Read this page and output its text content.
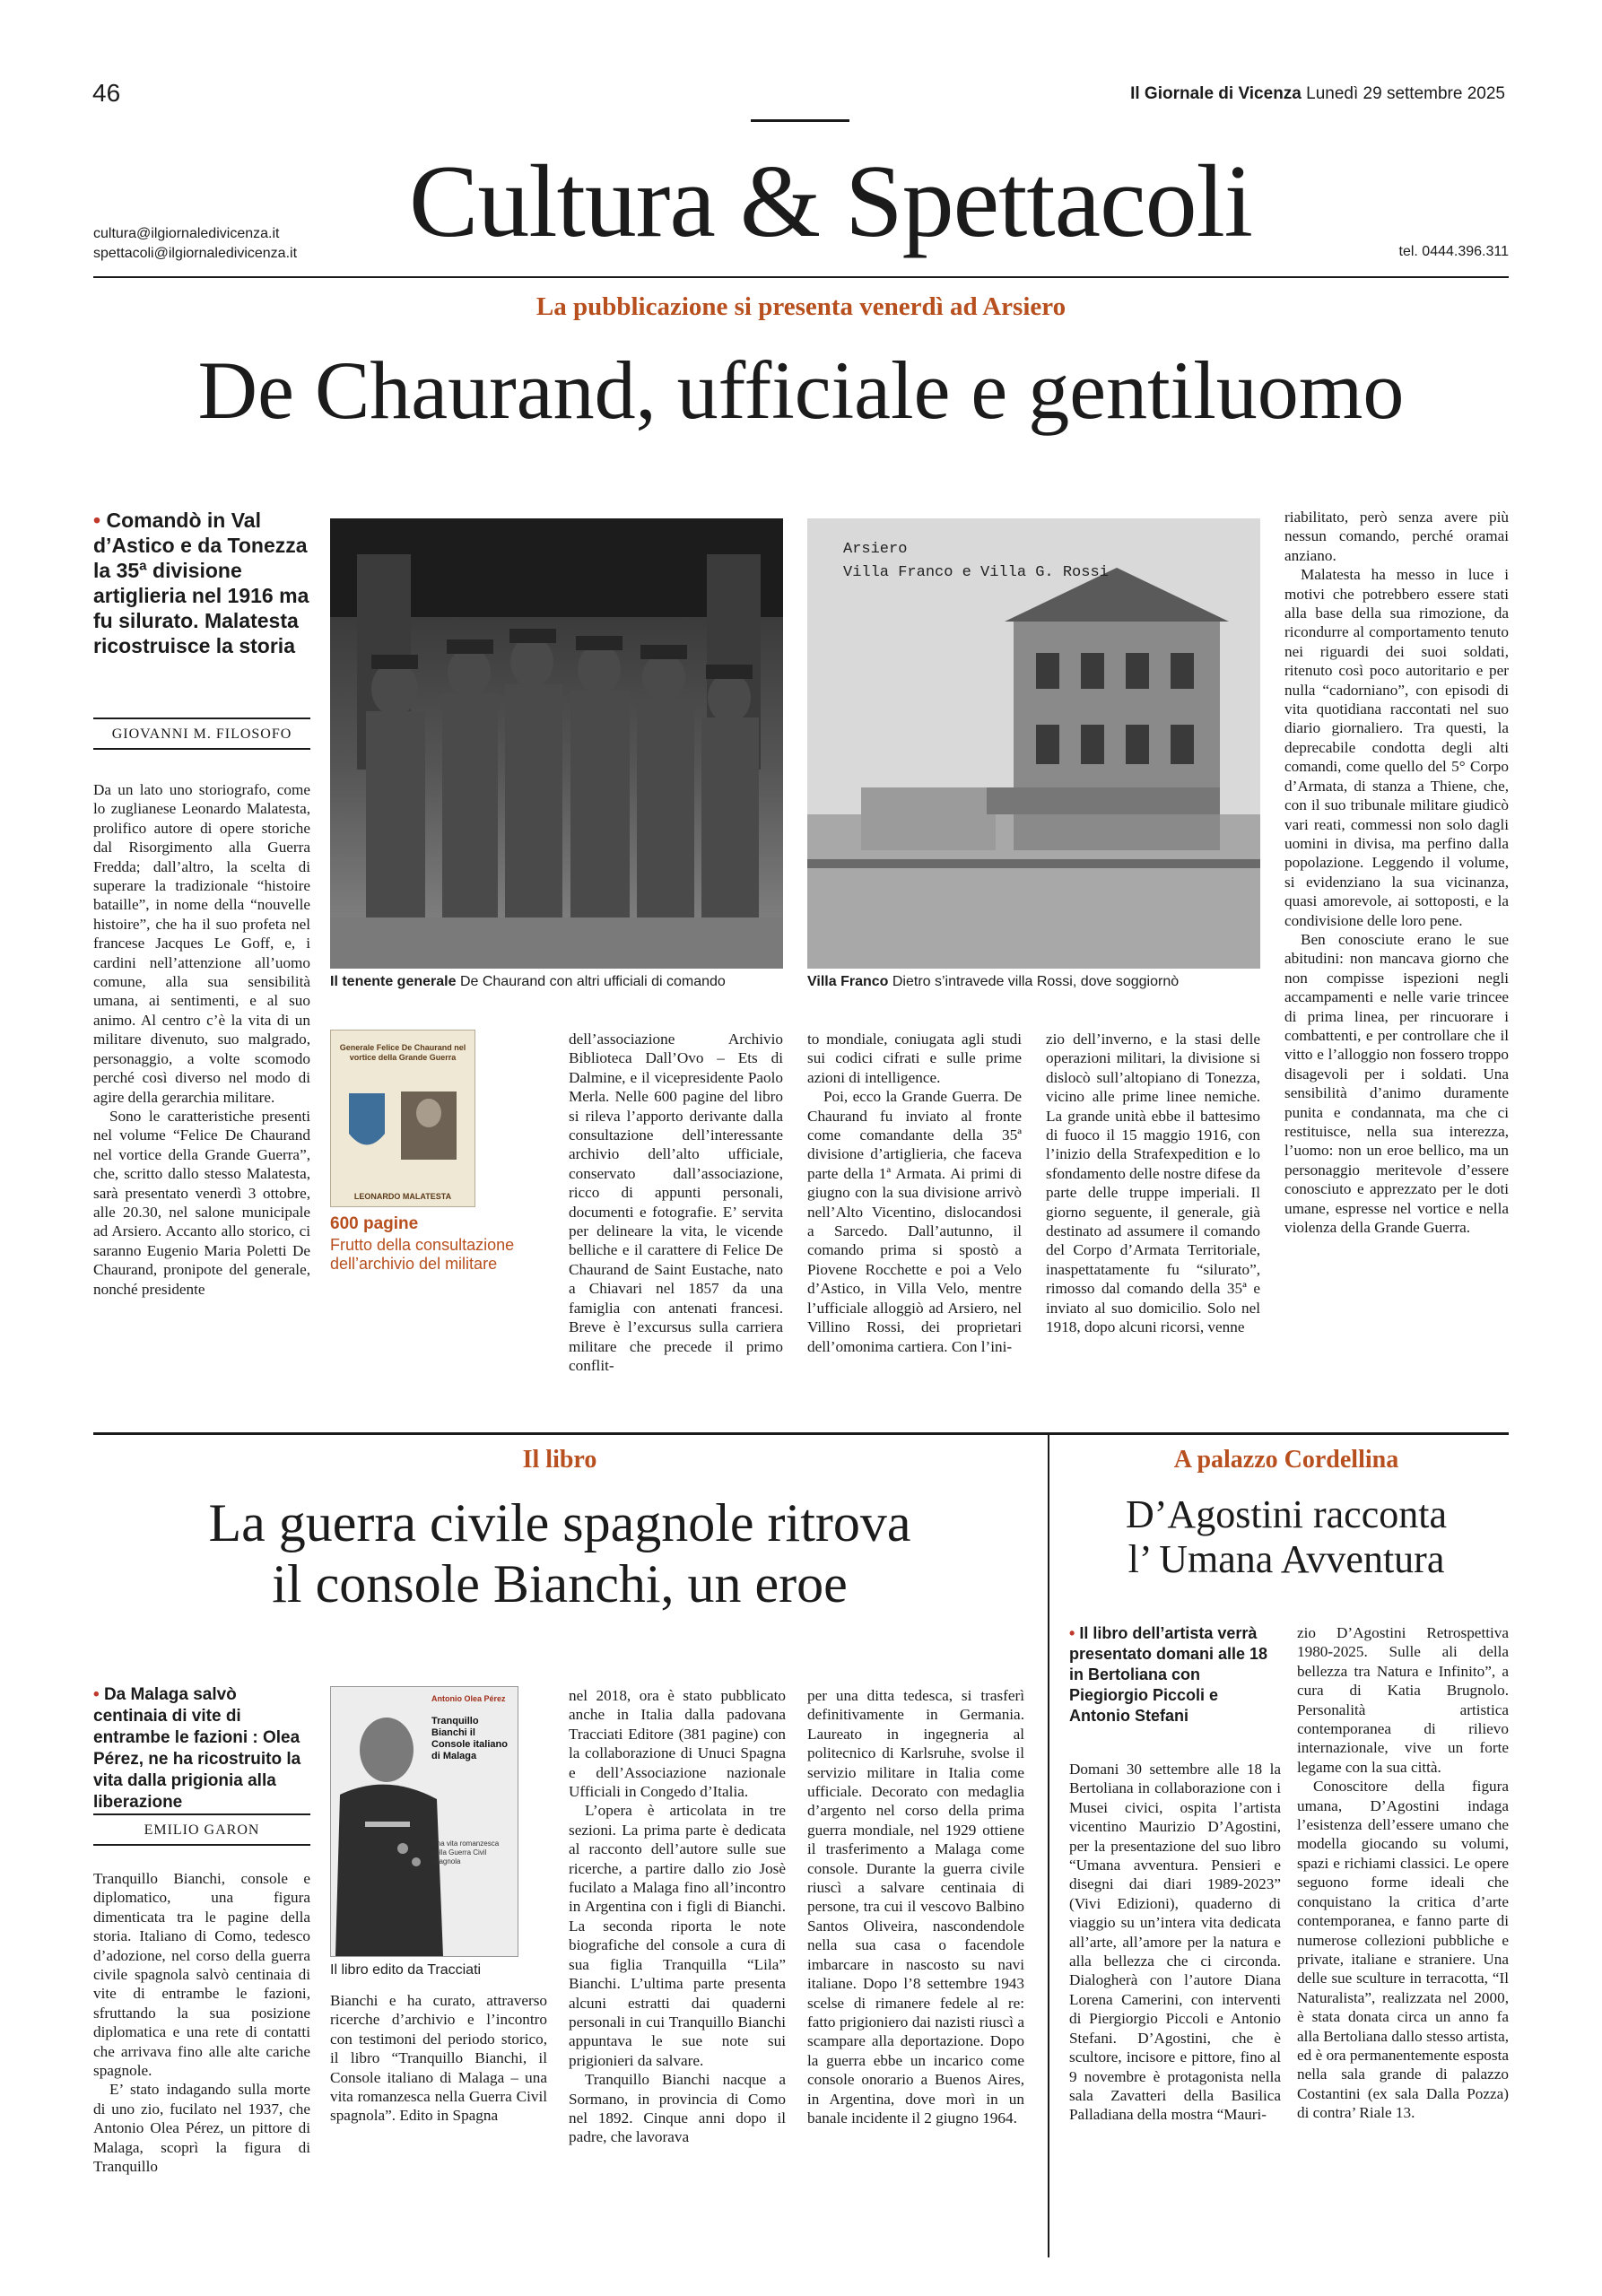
46	Il Giornale di Vicenza Lunedì 29 settembre 2025
cultura@ilgiornaledivicenza.it
spettacoli@ilgiornaledivicenza.it	Cultura & Spettacoli	tel. 0444.396.311
La pubblicazione si presenta venerdì ad Arsiero
De Chaurand, ufficiale e gentiluomo
• Comandò in Val d’Astico e da Tonezza la 35ª divisione artiglieria nel 1916 ma fu silurato. Malatesta ricostruisce la storia
GIOVANNI M. FILOSOFO

Da un lato uno storiografo, come lo zuglianese Leonardo Malatesta, prolifico autore di opere storiche dal Risorgimento alla Guerra Fredda; dall’altro, la scelta di superare la tradizionale “histoire bataille”, in nome della “nouvelle histoire”, che ha il suo profeta nel francese Jacques Le Goff, e, i cardini nell’attenzione all’uomo comune, alla sua sensibilità umana, ai sentimenti, e al suo animo. Al centro c’è la vita di un militare divenuto, suo malgrado, personaggio, a volte scomodo perché così diverso nel modo di agire della gerarchia militare.

Sono le caratteristiche presenti nel volume “Felice De Chaurand nel vortice della Grande Guerra”, che, scritto dallo stesso Malatesta, sarà presentato venerdì 3 ottobre, alle 20.30, nel salone municipale ad Arsiero. Accanto allo storico, ci saranno Eugenio Maria Poletti De Chaurand, pronipote del generale, nonché presidente

Il tenente generale De Chaurand con altri ufficiali di comando
Arsiero
Villa Franco e Villa G. Rossi
Villa Franco Dietro s’intravede villa Rossi, dove soggiornò
Generale Felice De Chaurand nel vortice della Grande Guerra
LEONARDO MALATESTA
600 pagine
Frutto della consultazione dell’archivio del militare

dell’associazione Archivio Biblioteca Dall’Ovo – Ets di Dalmine, e il vicepresidente Paolo Merla. Nelle 600 pagine del libro si rileva l’apporto derivante dalla consultazione dell’interessante archivio dell’alto ufficiale, conservato dall’associazione, ricco di appunti personali, documenti e fotografie. E’ servita per delineare la vita, le vicende belliche e il carattere di Felice De Chaurand de Saint Eustache, nato a Chiavari nel 1857 da una famiglia con antenati francesi. Breve è l’excursus sulla carriera militare che precede il primo conflit-

to mondiale, coniugata agli studi sui codici cifrati e sulle prime azioni di intelligence.

Poi, ecco la Grande Guerra. De Chaurand fu inviato al fronte come comandante della 35ª divisione d’artiglieria, che faceva parte della 1ª Armata. Ai primi di giugno con la sua divisione arrivò nell’Alto Vicentino, dislocandosi a Sarcedo. Dall’autunno, il comando prima si spostò a Piovene Rocchette e poi a Velo d’Astico, in Villa Velo, mentre l’ufficiale alloggiò ad Arsiero, nel Villino Rossi, dei proprietari dell’omonima cartiera. Con l’ini-

zio dell’inverno, e la stasi delle operazioni militari, la divisione si dislocò sull’altopiano di Tonezza, vicino alle prime linee nemiche. La grande unità ebbe il battesimo di fuoco il 15 maggio 1916, con l’inizio della Strafexpedition e lo sfondamento delle nostre difese da parte delle truppe imperiali. Il giorno seguente, il generale, già destinato ad assumere il comando del Corpo d’Armata Territoriale, inaspettatamente fu “silurato”, rimosso dal comando della 35ª e inviato al suo domicilio. Solo nel 1918, dopo alcuni ricorsi, venne

riabilitato, però senza avere più nessun comando, perché oramai anziano.

Malatesta ha messo in luce i motivi che potrebbero essere stati alla base della sua rimozione, da ricondurre al comportamento tenuto nei riguardi dei suoi soldati, ritenuto così poco autoritario e per nulla “cadorniano”, con episodi di vita quotidiana raccontati nel suo diario giornaliero. Tra questi, la deprecabile condotta degli alti comandi, come quello del 5° Corpo d’Armata, di stanza a Thiene, che, con il suo tribunale militare giudicò vari reati, commessi non solo dagli uomini in divisa, ma perfino dalla popolazione. Leggendo il volume, si evidenziano la sua vicinanza, quasi amorevole, ai sottoposti, e la condivisione delle loro pene.

Ben conosciute erano le sue abitudini: non mancava giorno che non compisse ispezioni negli accampamenti e nelle varie trincee di prima linea, per rincuorare i combattenti, e per controllare che il vitto e l’alloggio non fossero troppo disagevoli per i soldati. Una sensibilità d’animo duramente punita e condannata, ma che ci restituisce, nella sua interezza, l’uomo: non un eroe bellico, ma un personaggio meritevole d’essere conosciuto e apprezzato per le doti umane, espresse nel vortice e nella violenza della Grande Guerra.

Il libro
La guerra civile spagnole ritrova
il console Bianchi, un eroe
• Da Malaga salvò centinaia di vite di entrambe le fazioni : Olea Pérez, ne ha ricostruito la vita dalla prigionia alla liberazione
EMILIO GARON

Tranquillo Bianchi, console e diplomatico, una figura dimenticata tra le pagine della storia. Italiano di Como, tedesco d’adozione, nel corso della guerra civile spagnola salvò centinaia di vite di entrambe le fazioni, sfruttando la sua posizione diplomatica e una rete di contatti che arrivava fino alle alte cariche spagnole.

E’ stato indagando sulla morte di uno zio, fucilato nel 1937, che Antonio Olea Pérez, un pittore di Malaga, scoprì la figura di Tranquillo

Antonio Olea Pérez
Tranquillo Bianchi il Console italiano di Malaga
Una vita romanzesca nella Guerra Civil spagnola
Il libro edito da Tracciati

Bianchi e ha curato, attraverso ricerche d’archivio e l’incontro con testimoni del periodo storico, il libro “Tranquillo Bianchi, il Console italiano di Malaga – una vita romanzesca nella Guerra Civil spagnola”. Edito in Spagna

nel 2018, ora è stato pubblicato anche in Italia dalla padovana Tracciati Editore (381 pagine) con la collaborazione di Unuci Spagna e dell’Associazione nazionale Ufficiali in Congedo d’Italia.

L’opera è articolata in tre sezioni. La prima parte è dedicata al racconto dell’autore sulle sue ricerche, a partire dallo zio Josè fucilato a Malaga fino all’incontro in Argentina con i figli di Bianchi. La seconda riporta le note biografiche del console a cura di sua figlia Tranquilla “Lila” Bianchi. L’ultima parte presenta alcuni estratti dai quaderni personali in cui Tranquillo Bianchi appuntava le sue note sui prigionieri da salvare.

Tranquillo Bianchi nacque a Sormano, in provincia di Como nel 1892. Cinque anni dopo il padre, che lavorava

per una ditta tedesca, si trasferì definitivamente in Germania. Laureato in ingegneria al politecnico di Karlsruhe, svolse il servizio militare in Italia come ufficiale. Decorato con medaglia d’argento nel corso della prima guerra mondiale, nel 1929 ottiene il trasferimento a Malaga come console. Durante la guerra civile riuscì a salvare centinaia di persone, tra cui il vescovo Balbino Santos Oliveira, nascondendole nella sua casa o facendole imbarcare in nascosto su navi italiane. Dopo l’8 settembre 1943 scelse di rimanere fedele al re: fatto prigioniero dai nazisti riuscì a scampare alla deportazione. Dopo la guerra ebbe un incarico come console onorario a Buenos Aires, in Argentina, dove morì in un banale incidente il 2 giugno 1964.

A palazzo Cordellina
D’Agostini racconta
l’ Umana Avventura
• Il libro dell’artista verrà presentato domani alle 18 in Bertoliana con Piegiorgio Piccoli e Antonio Stefani

Domani 30 settembre alle 18 la Bertoliana in collaborazione con i Musei civici, ospita l’artista vicentino Maurizio D’Agostini, per la presentazione del suo libro “Umana avventura. Pensieri e disegni dai diari 1989-2023” (Vivi Edizioni), quaderno di viaggio su un’intera vita dedicata all’arte, all’amore per la natura e alla bellezza che ci circonda. Dialogherà con l’autore Diana Lorena Camerini, con interventi di Piergiorgio Piccoli e Antonio Stefani. D’Agostini, che è scultore, incisore e pittore, fino al 9 novembre è protagonista nella sala Zavatteri della Basilica Palladiana della mostra “Mauri-

zio D’Agostini Retrospettiva 1980-2025. Sulle ali della bellezza tra Natura e Infinito”, a cura di Katia Brugnolo. Personalità artistica contemporanea di rilievo internazionale, vive un forte legame con la sua città.

Conoscitore della figura umana, D’Agostini indaga l’esistenza dell’essere umano che modella giocando su volumi, spazi e richiami classici. Le opere seguono forme ideali che conquistano la critica d’arte contemporanea, e fanno parte di numerose collezioni pubbliche e private, italiane e straniere. Una delle sue sculture in terracotta, “Il Naturalista”, realizzata nel 2000, è stata donata circa un anno fa alla Bertoliana dallo stesso artista, ed è ora permanentemente esposta nella sala grande di palazzo Costantini (ex sala Dalla Pozza) di contra’ Riale 13.
